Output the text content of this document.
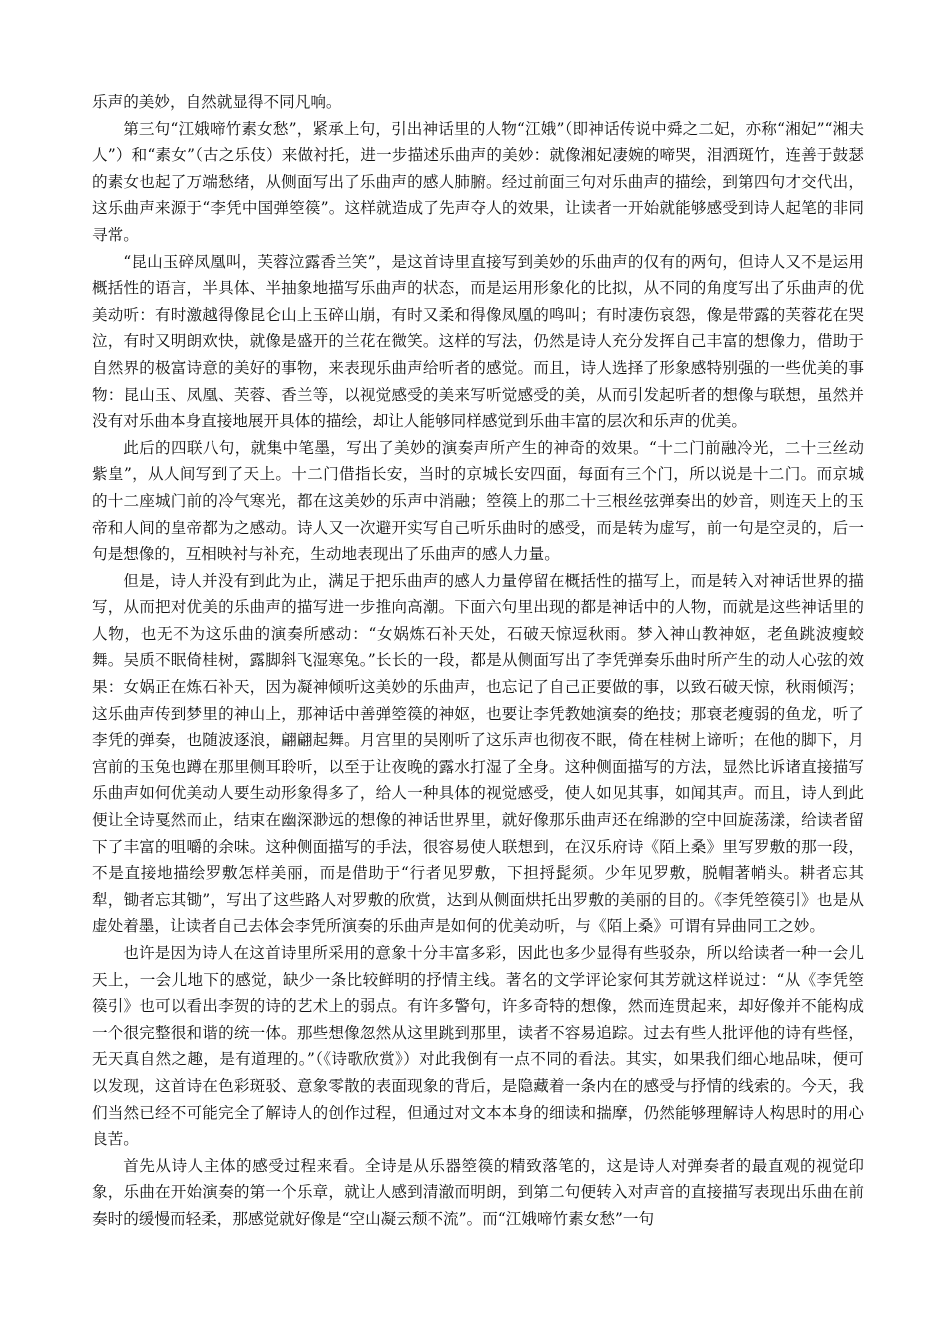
乐声的美妙，自然就显得不同凡响。

第三句“江娥啼竹素女愁”，紧承上句，引出神话里的人物“江娥”（即神话传说中舜之二妃，亦称“湘妃”“湘夫人”）和“素女”（古之乐伎）来做衬托，进一步描述乐曲声的美妙：就像湘妃凄婉的啼哭，泪洒斑竹，连善于鼓瑟的素女也起了万端愁绪，从侧面写出了乐曲声的感人肺腑。经过前面三句对乐曲声的描绘，到第四句才交代出，这乐曲声来源于“李凭中国弹箜篌”。这样就造成了先声夺人的效果，让读者一开始就能够感受到诗人起笔的非同寻常。

“昆山玉碎凤凰叫，芙蓉泣露香兰笑”，是这首诗里直接写到美妙的乐曲声的仅有的两句，但诗人又不是运用概括性的语言，半具体、半抽象地描写乐曲声的状态，而是运用形象化的比拟，从不同的角度写出了乐曲声的优美动听：有时激越得像昆仑山上玉碎山崩，有时又柔和得像凤凰的鸣叫；有时凄伤哀怨，像是带露的芙蓉花在哭泣，有时又明朗欢快，就像是盛开的兰花在微笑。这样的写法，仍然是诗人充分发挥自己丰富的想像力，借助于自然界的极富诗意的美好的事物，来表现乐曲声给听者的感觉。而且，诗人选择了形象感特别强的一些优美的事物：昆山玉、凤凰、芙蓉、香兰等，以视觉感受的美来写听觉感受的美，从而引发起听者的想像与联想，虽然并没有对乐曲本身直接地展开具体的描绘，却让人能够同样感觉到乐曲丰富的层次和乐声的优美。

此后的四联八句，就集中笔墨，写出了美妙的演奏声所产生的神奇的效果。“十二门前融冷光，二十三丝动紫皇”，从人间写到了天上。十二门借指长安，当时的京城长安四面，每面有三个门，所以说是十二门。而京城的十二座城门前的冷气寒光，都在这美妙的乐声中消融；箜篌上的那二十三根丝弦弹奏出的妙音，则连天上的玉帝和人间的皇帝都为之感动。诗人又一次避开实写自己听乐曲时的感受，而是转为虚写，前一句是空灵的，后一句是想像的，互相映衬与补充，生动地表现出了乐曲声的感人力量。

但是，诗人并没有到此为止，满足于把乐曲声的感人力量停留在概括性的描写上，而是转入对神话世界的描写，从而把对优美的乐曲声的描写进一步推向高潮。下面六句里出现的都是神话中的人物，而就是这些神话里的人物，也无不为这乐曲的演奏所感动：“女娲炼石补天处，石破天惊逗秋雨。梦入神山教神妪，老鱼跳波瘦蛟舞。吴质不眠倚桂树，露脚斜飞湿寒兔。”长长的一段，都是从侧面写出了李凭弹奏乐曲时所产生的动人心弦的效果：女娲正在炼石补天，因为凝神倾听这美妙的乐曲声，也忘记了自己正要做的事，以致石破天惊，秋雨倾泻；这乐曲声传到梦里的神山上，那神话中善弹箜篌的神妪，也要让李凭教她演奏的绝技；那衰老瘦弱的鱼龙，听了李凭的弹奏，也随波逐浪，翩翩起舞。月宫里的吴刚听了这乐声也彻夜不眠，倚在桂树上谛听；在他的脚下，月宫前的玉兔也蹲在那里侧耳聆听，以至于让夜晚的露水打湿了全身。这种侧面描写的方法，显然比诉诸直接描写乐曲声如何优美动人要生动形象得多了，给人一种具体的视觉感受，使人如见其事，如闻其声。而且，诗人到此便让全诗戛然而止，结束在幽深渺远的想像的神话世界里，就好像那乐曲声还在绵渺的空中回旋荡漾，给读者留下了丰富的咀嚼的余味。这种侧面描写的手法，很容易使人联想到，在汉乐府诗《陌上桑》里写罗敷的那一段，不是直接地描绘罗敷怎样美丽，而是借助于“行者见罗敷，下担捋髭须。少年见罗敷，脱帽著帩头。耕者忘其犁，锄者忘其锄”，写出了这些路人对罗敷的欣赏，达到从侧面烘托出罗敷的美丽的目的。《李凭箜篌引》也是从虚处着墨，让读者自己去体会李凭所演奏的乐曲声是如何的优美动听，与《陌上桑》可谓有异曲同工之妙。

也许是因为诗人在这首诗里所采用的意象十分丰富多彩，因此也多少显得有些驳杂，所以给读者一种一会儿天上，一会儿地下的感觉，缺少一条比较鲜明的抒情主线。著名的文学评论家何其芳就这样说过：“从《李凭箜篌引》也可以看出李贺的诗的艺术上的弱点。有许多警句，许多奇特的想像，然而连贯起来，却好像并不能构成一个很完整很和谐的统一体。那些想像忽然从这里跳到那里，读者不容易追踪。过去有些人批评他的诗有些怪，无天真自然之趣，是有道理的。”（《诗歌欣赏》）对此我倒有一点不同的看法。其实，如果我们细心地品味，便可以发现，这首诗在色彩斑驳、意象零散的表面现象的背后，是隐藏着一条内在的感受与抒情的线索的。今天，我们当然已经不可能完全了解诗人的创作过程，但通过对文本本身的细读和揣摩，仍然能够理解诗人构思时的用心良苦。

首先从诗人主体的感受过程来看。全诗是从乐器箜篌的精致落笔的，这是诗人对弹奏者的最直观的视觉印象，乐曲在开始演奏的第一个乐章，就让人感到清澈而明朗，到第二句便转入对声音的直接描写表现出乐曲在前奏时的缓慢而轻柔，那感觉就好像是“空山凝云颓不流”。而“江娥啼竹素女愁”一句
